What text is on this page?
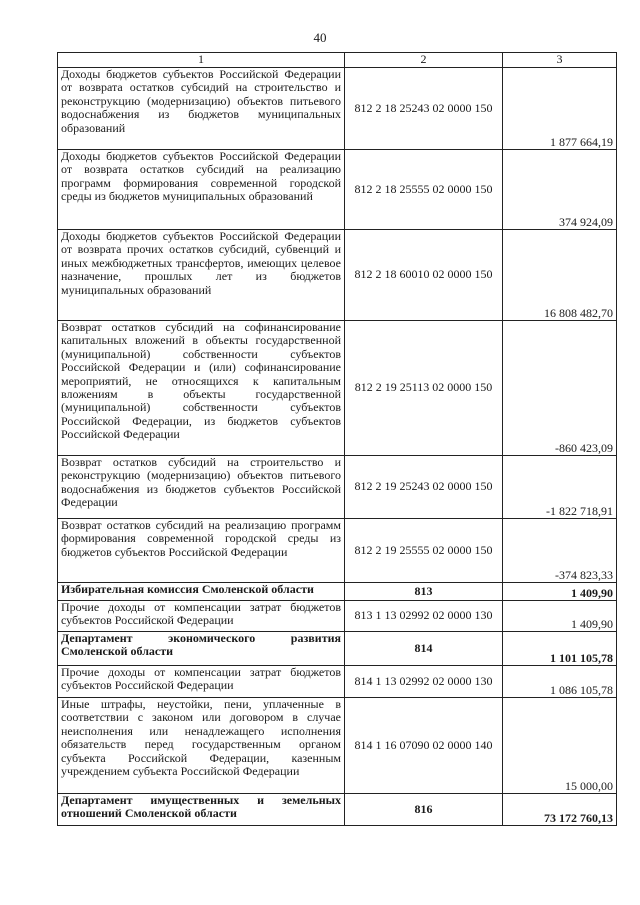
40
1	2	3
Доходы бюджетов субъектов Российской Федерации от возврата остатков субсидий на строительство и реконструкцию (модернизацию) объектов питьевого водоснабжения из бюджетов муниципальных образований	812 2 18 25243 02 0000 150	1 877 664,19
Доходы бюджетов субъектов Российской Федерации от возврата остатков субсидий на реализацию программ формирования современной городской среды из бюджетов муниципальных образований	812 2 18 25555 02 0000 150	374 924,09
Доходы бюджетов субъектов Российской Федерации от возврата прочих остатков субсидий, субвенций и иных межбюджетных трансфертов, имеющих целевое назначение, прошлых лет из бюджетов муниципальных образований	812 2 18 60010 02 0000 150	16 808 482,70
Возврат остатков субсидий на софинансирование капитальных вложений в объекты государственной (муниципальной) собственности субъектов Российской Федерации и (или) софинансирование мероприятий, не относящихся к капитальным вложениям в объекты государственной (муниципальной) собственности субъектов Российской Федерации, из бюджетов субъектов Российской Федерации	812 2 19 25113 02 0000 150	-860 423,09
Возврат остатков субсидий на строительство и реконструкцию (модернизацию) объектов питьевого водоснабжения из бюджетов субъектов Российской Федерации	812 2 19 25243 02 0000 150	-1 822 718,91
Возврат остатков субсидий на реализацию программ формирования современной городской среды из бюджетов субъектов Российской Федерации	812 2 19 25555 02 0000 150	-374 823,33
Избирательная комиссия Смоленской области	813	1 409,90
Прочие доходы от компенсации затрат бюджетов субъектов Российской Федерации	813 1 13 02992 02 0000 130	1 409,90
Департамент экономического развития Смоленской области	814	1 101 105,78
Прочие доходы от компенсации затрат бюджетов субъектов Российской Федерации	814 1 13 02992 02 0000 130	1 086 105,78
Иные штрафы, неустойки, пени, уплаченные в соответствии с законом или договором в случае неисполнения или ненадлежащего исполнения обязательств перед государственным органом субъекта Российской Федерации, казенным учреждением субъекта Российской Федерации	814 1 16 07090 02 0000 140	15 000,00
Департамент имущественных и земельных отношений Смоленской области	816	73 172 760,13
